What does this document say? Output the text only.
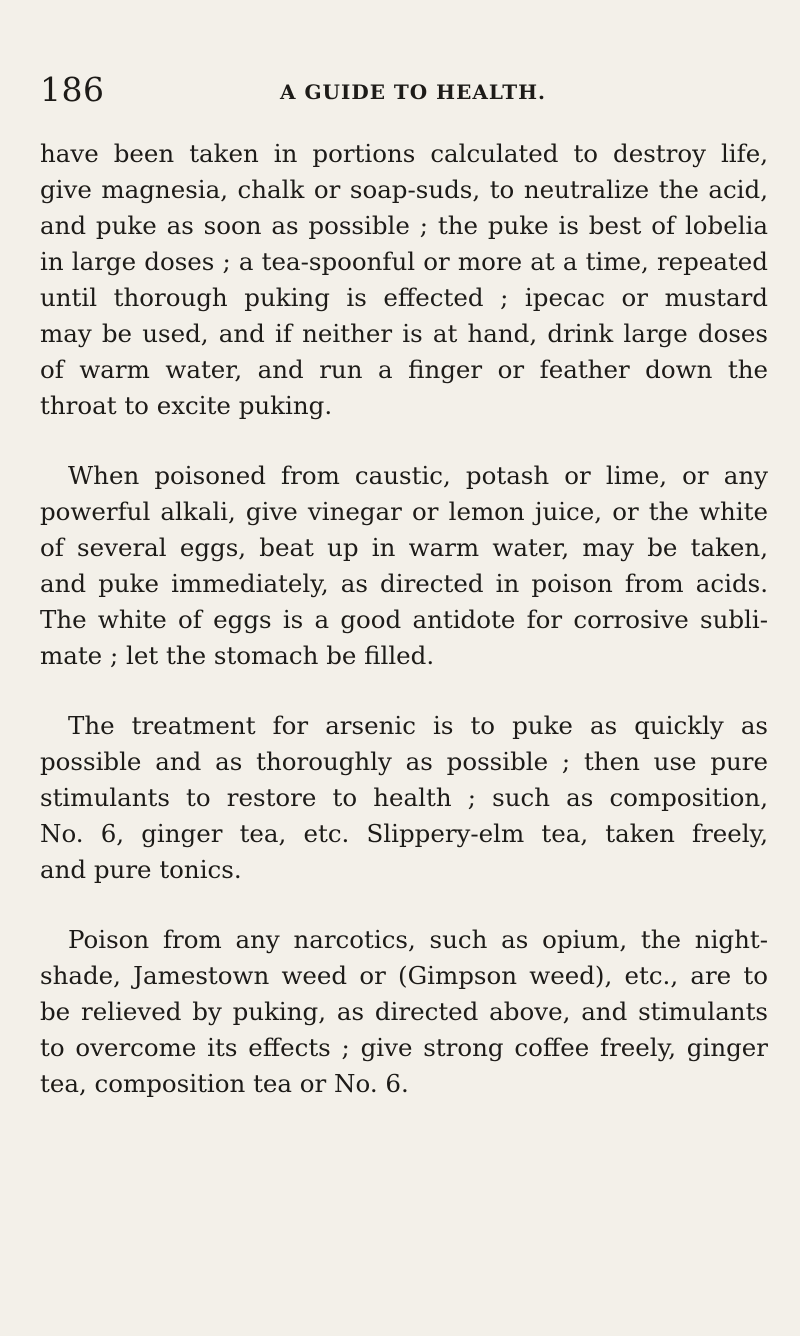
186	A GUIDE TO HEALTH.
have been taken in portions calculated to destroy life,
give magnesia, chalk or soap-suds, to neutralize the acid,
and puke as soon as possible ; the puke is best of lobelia
in large doses ; a tea-spoonful or more at a time, repeated
until thorough puking is effected ; ipecac or mustard
may be used, and if neither is at hand, drink large doses
of warm water, and run a finger or feather down the
throat to excite puking.
When poisoned from caustic, potash or lime, or any
powerful alkali, give vinegar or lemon juice, or the white
of several eggs, beat up in warm water, may be taken,
and puke immediately, as directed in poison from acids.
The white of eggs is a good antidote for corrosive subli-
mate ; let the stomach be filled.
The treatment for arsenic is to puke as quickly as
possible and as thoroughly as possible ; then use pure
stimulants to restore to health ; such as composition,
No. 6, ginger tea, etc. Slippery-elm tea, taken freely,
and pure tonics.
Poison from any narcotics, such as opium, the night-
shade, Jamestown weed or (Gimpson weed), etc., are to
be relieved by puking, as directed above, and stimulants
to overcome its effects ; give strong coffee freely, ginger
tea, composition tea or No. 6.
